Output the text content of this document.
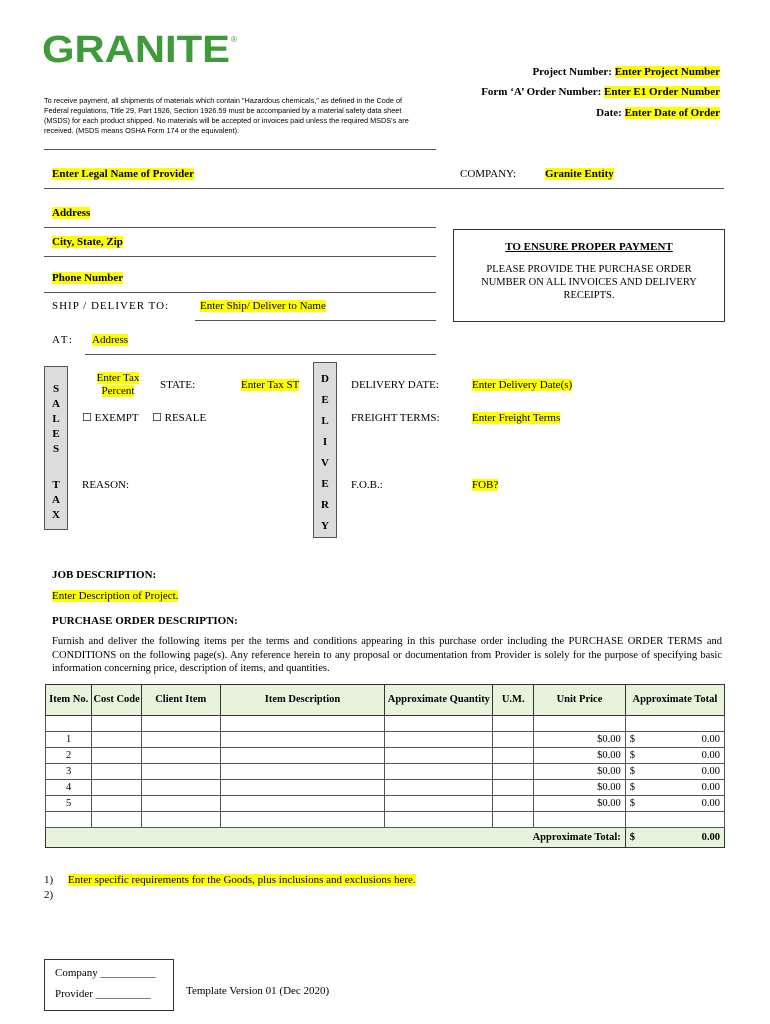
GRANITE ®
Project Number: Enter Project Number
Form ‘A’ Order Number: Enter E1 Order Number
Date: Enter Date of Order
To receive payment, all shipments of materials which contain "Hazardous chemicals," as defined in the Code of Federal regulations, Title 29, Part 1926, Section 1926.59 must be accompanied by a material safety data sheet (MSDS) for each product shipped. No materials will be accepted or invoices paid unless the required MSDS's are received. (MSDS means OSHA Form 174 or the equivalent).
Enter Legal Name of Provider	COMPANY:	Granite Entity
Address
City, State, Zip
Phone Number
TO ENSURE PROPER PAYMENT
PLEASE PROVIDE THE PURCHASE ORDER NUMBER ON ALL INVOICES AND DELIVERY RECEIPTS.
SHIP / DELIVER TO:	Enter Ship/ Deliver to Name
AT: Address
S
A
L
E
S
T
A
X
Enter Tax Percent	STATE:	Enter Tax ST
☐ EXEMPT ☐ RESALE
REASON:
D
E
L
I
V
E
R
Y
DELIVERY DATE:	Enter Delivery Date(s)
FREIGHT TERMS:	Enter Freight Terms
F.O.B.:	FOB?
JOB DESCRIPTION:
Enter Description of Project.
PURCHASE ORDER DESCRIPTION:
Furnish and deliver the following items per the terms and conditions appearing in this purchase order including the PURCHASE ORDER TERMS and CONDITIONS on the following page(s). Any reference herein to any proposal or documentation from Provider is solely for the purpose of specifying basic information concerning price, description of items, and quantities.
Item No.	Cost Code	Client Item	Item Description	Approximate Quantity	U.M.	Unit Price	Approximate Total

1						$0.00	$ 0.00

2						$0.00	$ 0.00

3						$0.00	$ 0.00

4						$0.00	$ 0.00

5						$0.00	$ 0.00

Approximate Total:							$ 0.00
1) Enter specific requirements for the Goods, plus inclusions and exclusions here.
2)
Company __________
Provider __________	Template Version 01 (Dec 2020)
